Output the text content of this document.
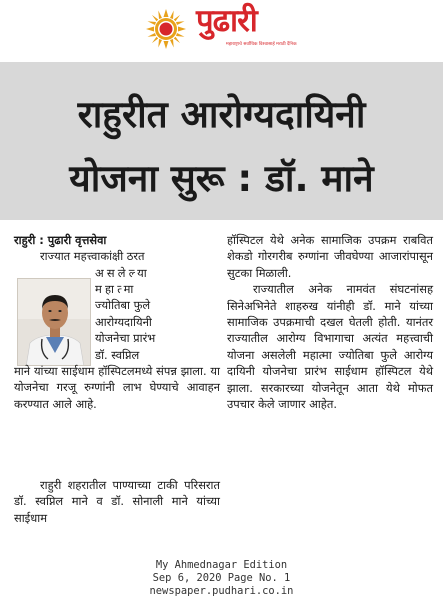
पुढारी
महाराष्ट्राचे सर्वाधिक विश्वासार्ह मराठी दैनिक
राहुरीत आरोग्यदायिनी
योजना सुरू : डॉ. माने
राहुरी : पुढारी वृत्तसेवा
राज्यात महत्त्वाकांक्षी ठरत
असलेल्या
महात्मा
ज्योतिबा फुले
आरोग्यदायिनी
योजनेचा प्रारंभ
डॉ. स्वप्निल
माने यांच्या साईधाम हॉस्पिटलमध्ये संपन्न झाला. या योजनेचा गरजू रुग्णांनी लाभ घेण्याचे आवाहन करण्यात आले आहे.
राहुरी शहरातील पाण्याच्या टाकी परिसरात डॉ. स्वप्निल माने व डॉ. सोनाली माने यांच्या साईधाम

हॉस्पिटल येथे अनेक सामाजिक उपक्रम राबवित शेकडो गोरगरीब रुग्णांना जीवघेण्या आजारांपासून सुटका मिळाली.

राज्यातील अनेक नामवंत संघटनांसह सिनेअभिनेते शाहरुख यांनीही डॉ. माने यांच्या सामाजिक उपक्रमाची दखल घेतली होती. यानंतर राज्यातील आरोग्य विभागाचा अत्यंत महत्त्वाची योजना असलेली महात्मा ज्योतिबा फुले आरोग्य दायिनी योजनेचा प्रारंभ साईधाम हॉस्पिटल येथे झाला. सरकारच्या योजनेतून आता येथे मोफत उपचार केले जाणार आहेत.

My Ahmednagar Edition
Sep 6, 2020 Page No. 1
newspaper.pudhari.co.in
